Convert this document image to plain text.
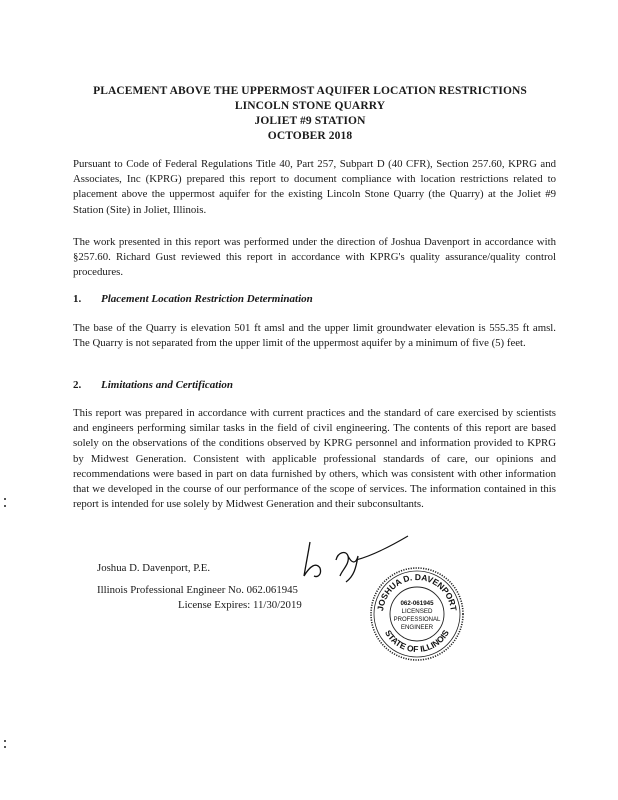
PLACEMENT ABOVE THE UPPERMOST AQUIFER LOCATION RESTRICTIONS
LINCOLN STONE QUARRY
JOLIET #9 STATION
OCTOBER 2018

Pursuant to Code of Federal Regulations Title 40, Part 257, Subpart D (40 CFR), Section 257.60, KPRG and Associates, Inc (KPRG) prepared this report to document compliance with location restrictions related to placement above the uppermost aquifer for the existing Lincoln Stone Quarry (the Quarry) at the Joliet #9 Station (Site) in Joliet, Illinois.

The work presented in this report was performed under the direction of Joshua Davenport in accordance with §257.60. Richard Gust reviewed this report in accordance with KPRG's quality assurance/quality control procedures.

1. Placement Location Restriction Determination

The base of the Quarry is elevation 501 ft amsl and the upper limit groundwater elevation is 555.35 ft amsl. The Quarry is not separated from the upper limit of the uppermost aquifer by a minimum of five (5) feet.

2. Limitations and Certification

This report was prepared in accordance with current practices and the standard of care exercised by scientists and engineers performing similar tasks in the field of civil engineering. The contents of this report are based solely on the observations of the conditions observed by KPRG personnel and information provided to KPRG by Midwest Generation. Consistent with applicable professional standards of care, our opinions and recommendations were based in part on data furnished by others, which was consistent with other information that we developed in the course of our performance of the scope of services. The information contained in this report is intended for use solely by Midwest Generation and their subconsultants.

Joshua D. Davenport, P.E.
Illinois Professional Engineer No. 062.061945
License Expires: 11/30/2019	JOSHUA D. DAVENPORT
STATE OF ILLINOIS
062-061945
LICENSED
PROFESSIONAL
ENGINEER
